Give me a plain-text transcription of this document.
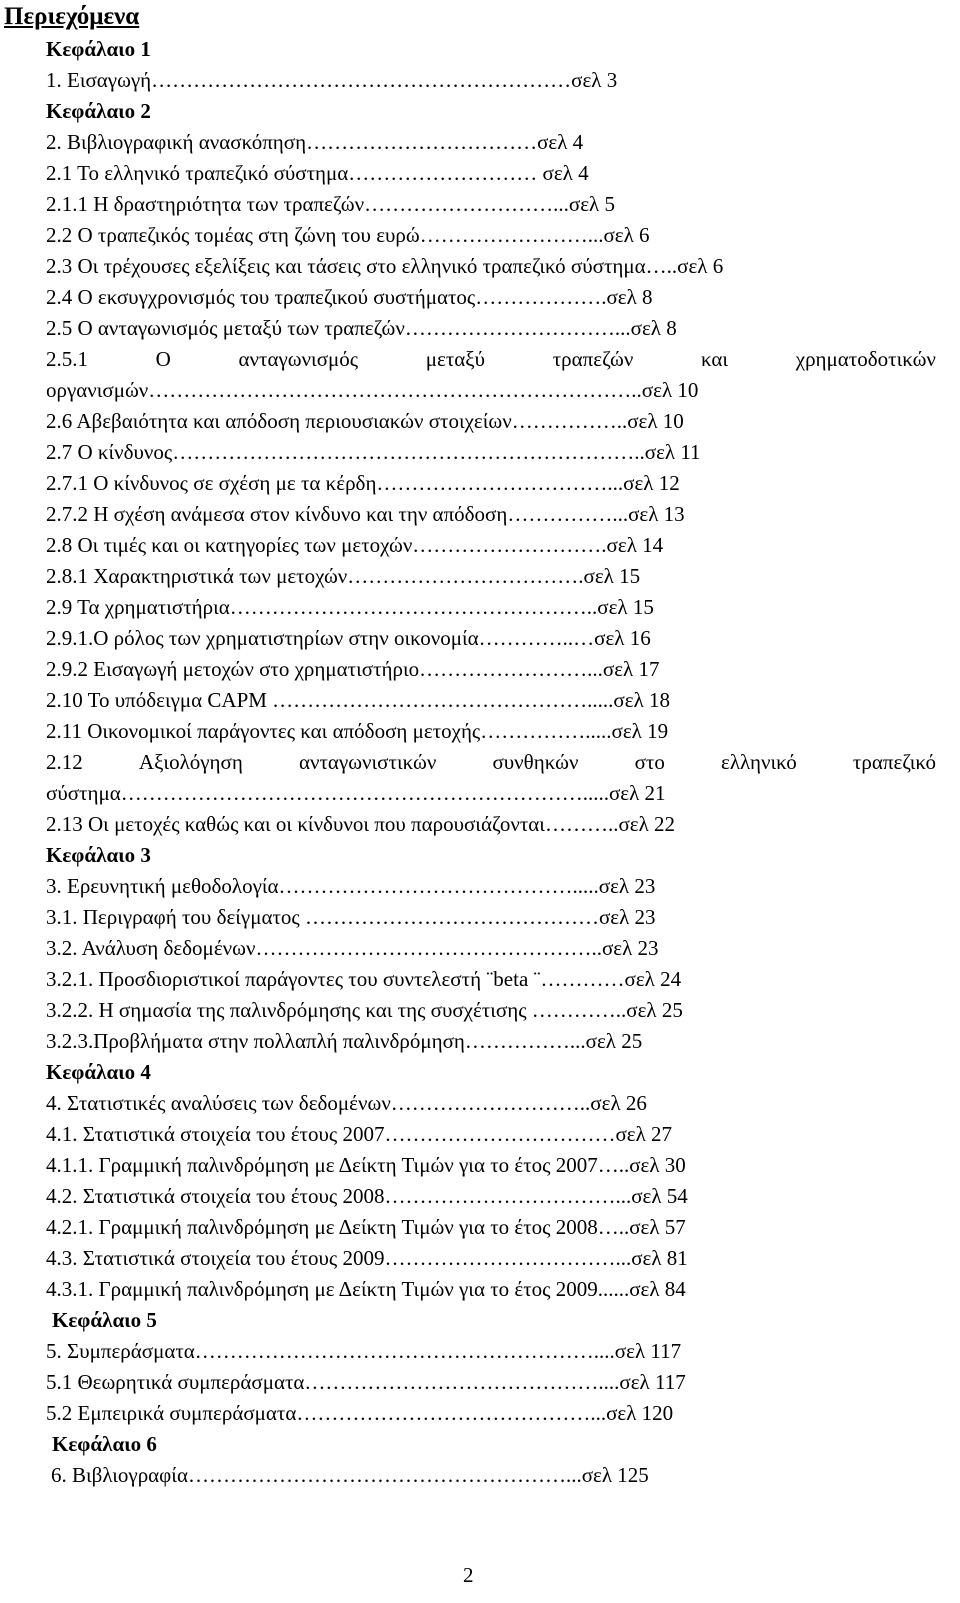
Περιεχόμενα
Κεφάλαιο 1
1. Εισαγωγή……………………………………………………σελ 3
Κεφάλαιο 2
2. Βιβλιογραφική ανασκόπηση……………………………σελ 4
2.1 Το ελληνικό τραπεζικό σύστημα……………………… σελ 4
2.1.1 Η δραστηριότητα των τραπεζών………………………...σελ 5
2.2 Ο τραπεζικός τομέας στη ζώνη του ευρώ……………………...σελ 6
2.3 Οι τρέχουσες εξελίξεις και τάσεις στο ελληνικό τραπεζικό σύστημα…..σελ 6
2.4 Ο εκσυγχρονισμός του τραπεζικού συστήματος……………….σελ 8
2.5 Ο ανταγωνισμός μεταξύ των τραπεζών…………………………...σελ 8
2.5.1	Ο	ανταγωνισμός	μεταξύ	τραπεζών	και	χρηματοδοτικών
οργανισμών……………………………………………………………..σελ 10
2.6 Αβεβαιότητα και απόδοση περιουσιακών στοιχείων……………..σελ 10
2.7 Ο κίνδυνος…………………………………………………………..σελ 11
2.7.1 Ο κίνδυνος σε σχέση με τα κέρδη……………………………...σελ 12
2.7.2 Η σχέση ανάμεσα στον κίνδυνο και την απόδοση……………...σελ 13
2.8 Οι τιμές και οι κατηγορίες των μετοχών……………………….σελ 14
2.8.1 Χαρακτηριστικά των μετοχών…………………………….σελ 15
2.9 Τα χρηματιστήρια……………………………………………..σελ 15
2.9.1.Ο ρόλος των χρηματιστηρίων στην οικονομία…………..…σελ 16
2.9.2 Εισαγωγή μετοχών στο χρηματιστήριο……………………...σελ 17
2.10 Το υπόδειγμα CAPM ……………………………………….....σελ 18
2.11 Οικονομικοί παράγοντες και απόδοση μετοχής…………….....σελ 19
2.12	Αξιολόγηση	ανταγωνιστικών	συνθηκών	στο	ελληνικό	τραπεζικό
σύστημα………………………………………………………….....σελ 21
2.13 Οι μετοχές καθώς και οι κίνδυνοι που παρουσιάζονται………..σελ 22
Κεφάλαιο 3
3. Ερευνητική μεθοδολογία…………………………………….....σελ 23
3.1. Περιγραφή του δείγματος ……………………………………σελ 23
3.2. Ανάλυση δεδομένων…………………………………………..σελ 23
3.2.1. Προσδιοριστικοί παράγοντες του συντελεστή ¨beta ¨…………σελ 24
3.2.2. Η σημασία της παλινδρόμησης και της συσχέτισης …………..σελ 25
3.2.3.Προβλήματα στην πολλαπλή παλινδρόμηση……………...σελ 25
Κεφάλαιο 4
4. Στατιστικές αναλύσεις των δεδομένων………………………..σελ 26
4.1. Στατιστικά στοιχεία του έτους 2007……………………………σελ 27
4.1.1. Γραμμική παλινδρόμηση με Δείκτη Τιμών για το έτος 2007…..σελ 30
4.2. Στατιστικά στοιχεία του έτους 2008……………………………...σελ 54
4.2.1. Γραμμική παλινδρόμηση με Δείκτη Τιμών για το έτος 2008…..σελ 57
4.3. Στατιστικά στοιχεία του έτους 2009……………………………...σελ 81
4.3.1. Γραμμική παλινδρόμηση με Δείκτη Τιμών για το έτος 2009......σελ 84
Κεφάλαιο 5
5. Συμπεράσματα…………………………………………………....σελ 117
5.1 Θεωρητικά συμπεράσματα……………………………………....σελ 117
5.2 Εμπειρικά συμπεράσματα……………………………………...σελ 120
Κεφάλαιο 6
6. Βιβλιογραφία………………………………………………...σελ 125
2
